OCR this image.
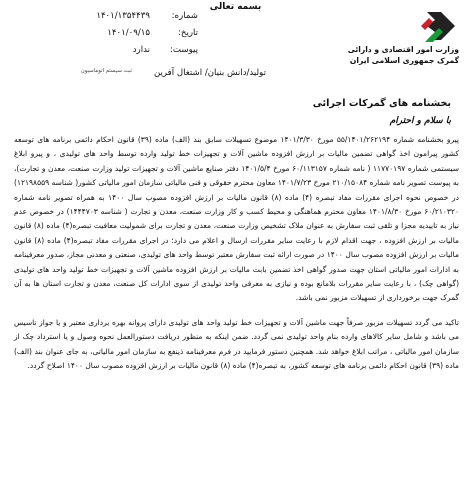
بسمه تعالی
وزارت امور اقتصادی و دارائی
گمرک جمهوری اسلامی ایران
شماره:
۱۴۰۱/۱۳۵۴۴۳۹
تاریخ:
۱۴۰۱/۰۹/۱۵
پیوست:
ندارد
ثبت سیستم اتوماسیون	تولید/دانش بنیان/ اشتغال آفرین
بخشنامه های گمرکات اجرائی
با سلام و احترام

پیرو بخشنامه شماره ۵۵/۱۴۰۱/۲۶۲۱۹۴ مورخ ۱۴۰۱/۳/۳۰ موضوع تسهیلات سابق بند (الف) ماده (۳۹) قانون احکام دائمی برنامه های توسعه کشور پیرامون اخذ گواهی تضمین مالیات بر ارزش افزوده ماشین آلات و تجهیزات خط تولید وارده توسط واحد های تولیدی ، و پیرو ابلاغ سیستمی شماره ۱۱۷۷۰۱۹۷ ( نامه شماره ۶۰/۱۱۳۱۵۷ مورخ ۱۴۰۱/۵/۴ دفتر صنایع ماشین آلات و تجهیزات تولید وزارت صنعت، معدن و تجارت)، به پیوست تصویر نامه شماره ۲۱۰/۱۵۰۸۴ مورخ ۱۴۰۱/۷/۲۳ معاون محترم حقوقی و فنی مالیاتی سازمان امور مالیاتی کشور( شناسه ۱۲۱۹۸۵۵۹) در خصوص نحوه اجرای مقررات مفاد تبصره (۴) ماده (۸) قانون مالیات بر ارزش افزوده مصوب سال ۱۴۰۰ به همراه تصویر نامه شماره ۶۰/۲۱۰۳۲۰ مورخ ۱۴۰۱/۸/۳۰ معاون محترم هماهنگی و محیط کسب و کار وزارت صنعت، معدن و تجارت ( شناسه ۱۴۴۴۷۰۳) در خصوص عدم نیاز به تاییدیه مجزا و تلقی ثبت سفارش به عنوان ملاک تشخیص وزارت صنعت، معدن و تجارت برای شمولیت معافیت تبصره(۴) ماده (۸) قانون مالیات بر ارزش افزوده ، جهت اقدام لازم با رعایت سایر مقررات ارسال و اعلام می دارد؛ در اجرای مقررات مفاد تبصره(۴) ماده (۸) قانون مالیات بر ارزش افزوده مصوب سال ۱۴۰۰ در صورت ارائه ثبت سفارش معتبر توسط واحد های تولیدی، صنعتی و معدنی مجاز، صدور معرفینامه به ادارات امور مالیاتی استان جهت صدور گواهی اخذ تضمین بابت مالیات بر ارزش افزوده ماشین آلات و تجهیزات خط تولید واحد های تولیدی (گواهی چک) ، با رعایت سایر مقررات بلامانع بوده و نیازی به معرفی واحد تولیدی از سوی ادارات کل صنعت، معدن و تجارت استان ها به آن گمرک جهت برخورداری از تسهیلات مزبور نمی باشد.

تاکید می گردد تسهیلات مزبور صرفاً جهت ماشین آلات و تجهیزات خط تولید واحد های تولیدی دارای پروانه بهره برداری معتبر و یا جواز تاسیس می باشد و شامل سایر کالاهای وارده بنام واحد تولیدی نمی گردد. ضمن اینکه به منظور دریافت دستورالعمل نحوه وصول و یا استرداد چک از سازمان امور مالیاتی ، مراتب ابلاغ خواهد شد. همچنین دستور فرمایید در فرم معرفینامه ذینفع به سازمان امور مالیاتی، به جای عنوان بند (الف) ماده (۳۹) قانون احکام دائمی برنامه های توسعه کشور، به تبصره(۴) ماده (۸) قانون مالیات بر ارزش افزوده مصوب سال ۱۴۰۰ اصلاح گردد.
